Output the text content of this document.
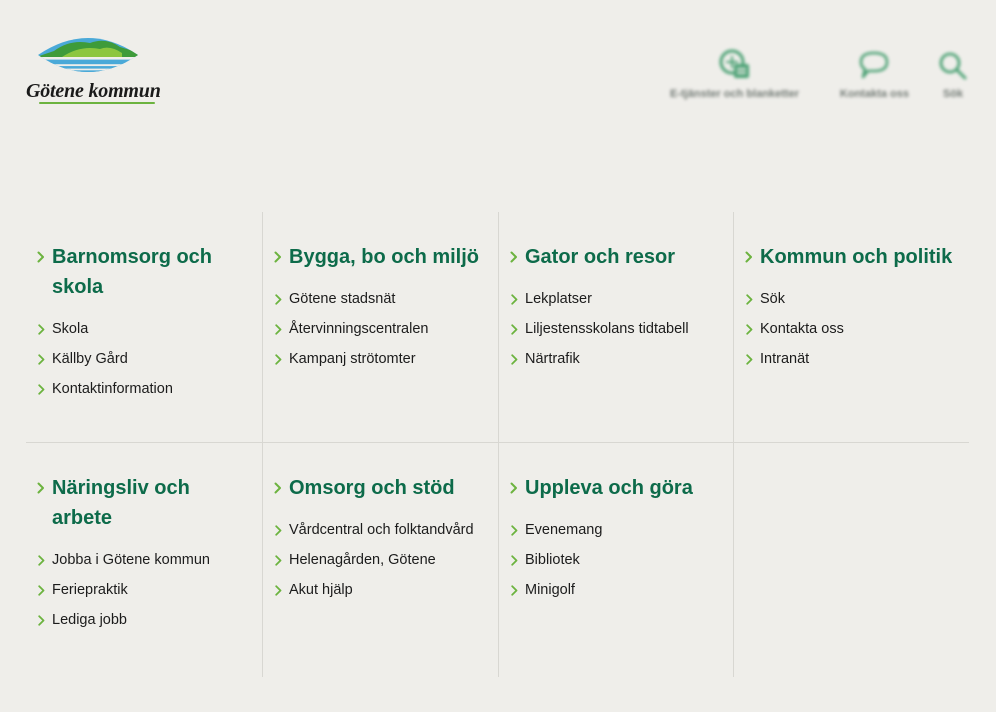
Götene kommun	E-tjänster och blanketter	Kontakta oss	Sök
Barnomsorg och skola
Skola
Källby Gård
Kontaktinformation
Bygga, bo och miljö
Götene stadsnät
Återvinningscentralen
Kampanj strötomter
Gator och resor
Lekplatser
Liljestensskolans tidtabell
Närtrafik
Kommun och politik
Sök
Kontakta oss
Intranät
Näringsliv och arbete
Jobba i Götene kommun
Feriepraktik
Lediga jobb
Omsorg och stöd
Vårdcentral och folktandvård
Helenagården, Götene
Akut hjälp
Uppleva och göra
Evenemang
Bibliotek
Minigolf
